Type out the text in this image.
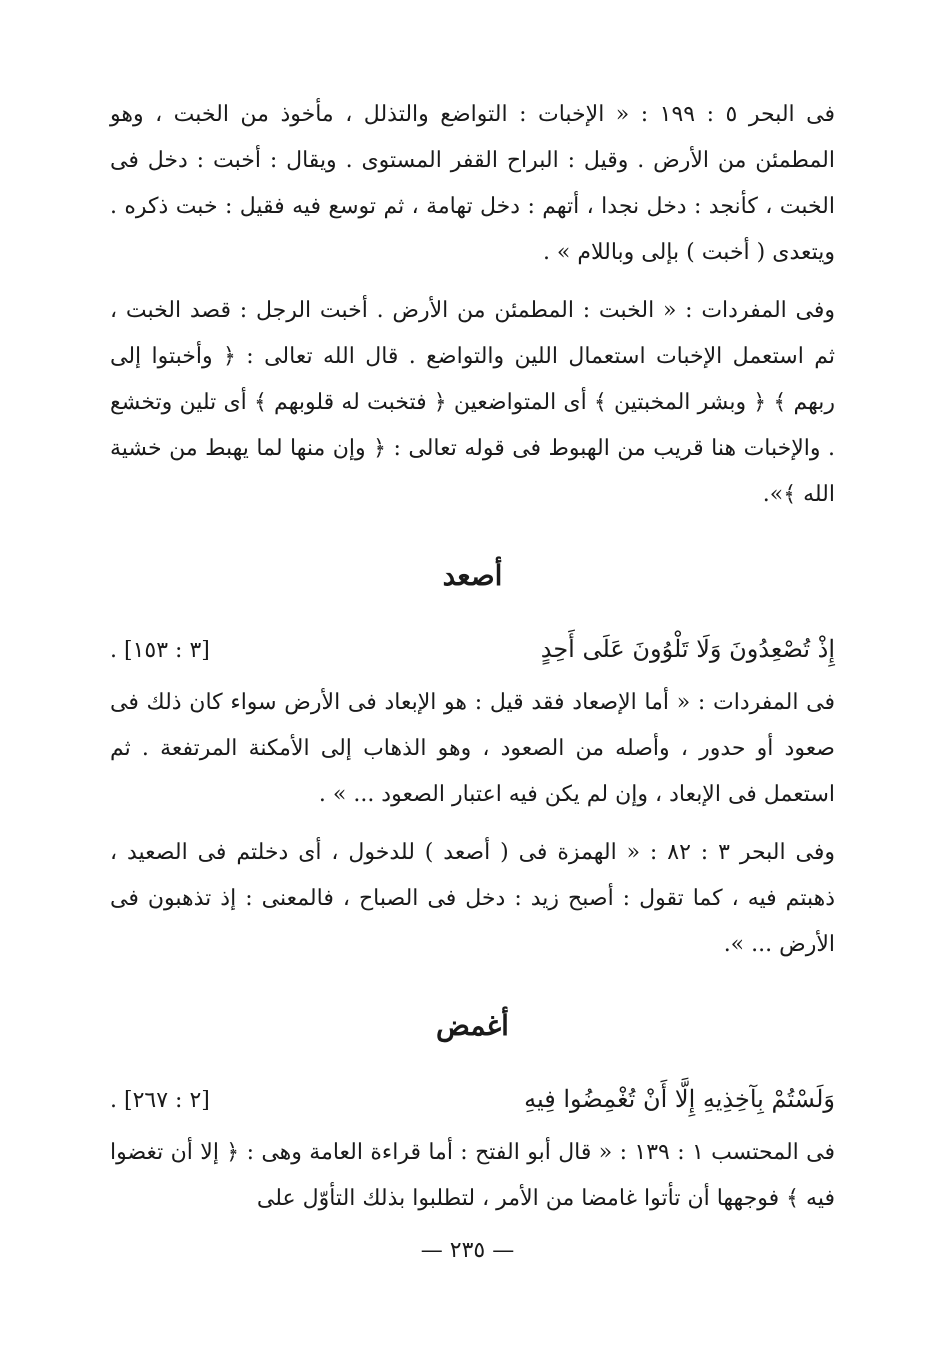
فى البحر ٥ : ١٩٩ : « الإخبات : التواضع والتذلل ، مأخوذ من الخبت ، وهو المطمئن من الأرض . وقيل : البراح القفر المستوى . ويقال : أخبت : دخل فى الخبت ، كأنجد : دخل نجدا ، أتهم : دخل تهامة ، ثم توسع فيه فقيل : خبت ذكره . ويتعدى ( أخبت ) بإلى وباللام » .

وفى المفردات : « الخبت : المطمئن من الأرض . أخبت الرجل : قصد الخبت ، ثم استعمل الإخبات استعمال اللين والتواضع . قال الله تعالى : ﴿ وأخبتوا إلى ربهم ﴾ ﴿ وبشر المخبتين ﴾ أى المتواضعين ﴿ فتخبت له قلوبهم ﴾ أى تلين وتخشع . والإخبات هنا قريب من الهبوط فى قوله تعالى : ﴿ وإن منها لما يهبط من خشية الله ﴾».

أصعد
إِذْ تُصْعِدُونَ وَلَا تَلْوُونَ عَلَى أَحِدٍ
[٣ : ١٥٣] .

فى المفردات : « أما الإصعاد فقد قيل : هو الإبعاد فى الأرض سواء كان ذلك فى صعود أو حدور ، وأصله من الصعود ، وهو الذهاب إلى الأمكنة المرتفعة . ثم استعمل فى الإبعاد ، وإن لم يكن فيه اعتبار الصعود ... » .

وفى البحر ٣ : ٨٢ : « الهمزة فى ( أصعد ) للدخول ، أى دخلتم فى الصعيد ، ذهبتم فيه ، كما تقول : أصبح زيد : دخل فى الصباح ، فالمعنى : إذ تذهبون فى الأرض ... ».

أغمض
وَلَسْتُمْ بِآخِذِيهِ إِلَّا أَنْ تُغْمِضُوا فِيهِ
[٢ : ٢٦٧] .

فى المحتسب ١ : ١٣٩ : « قال أبو الفتح : أما قراءة العامة وهى : ﴿ إلا أن تغضوا فيه ﴾ فوجهها أن تأتوا غامضا من الأمر ، لتطلبوا بذلك التأوّل على

— ٢٣٥ —
